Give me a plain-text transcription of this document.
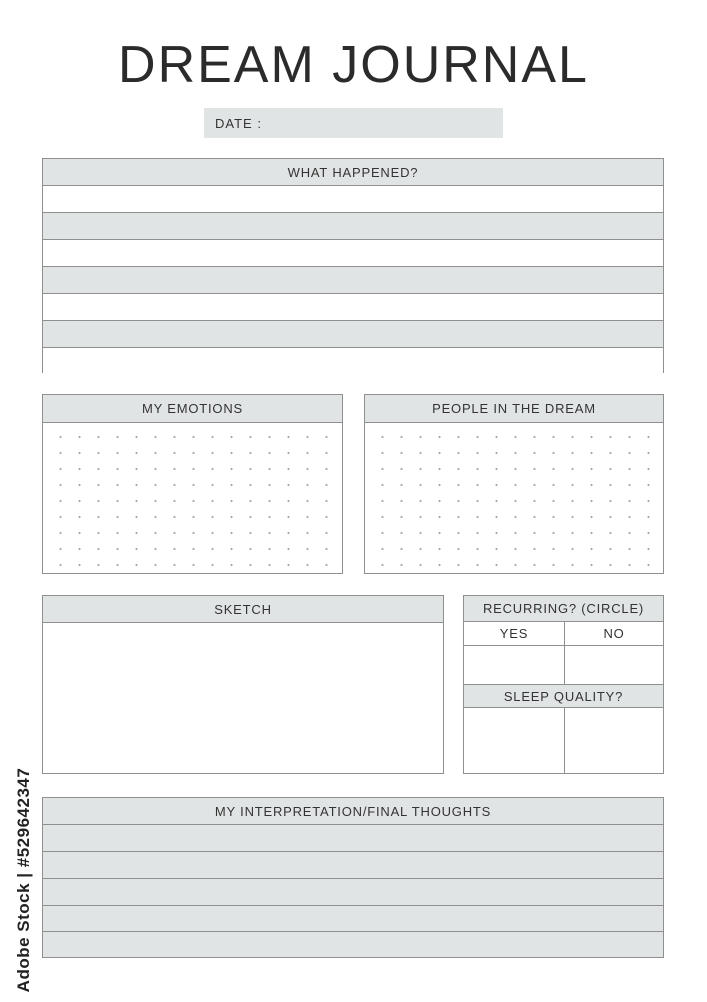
DREAM JOURNAL
DATE :
WHAT HAPPENED?
MY EMOTIONS	PEOPLE IN THE DREAM
SKETCH	RECURRING? (CIRCLE)
YES	NO
SLEEP QUALITY?
MY INTERPRETATION/FINAL THOUGHTS
Adobe Stock | #529642347
